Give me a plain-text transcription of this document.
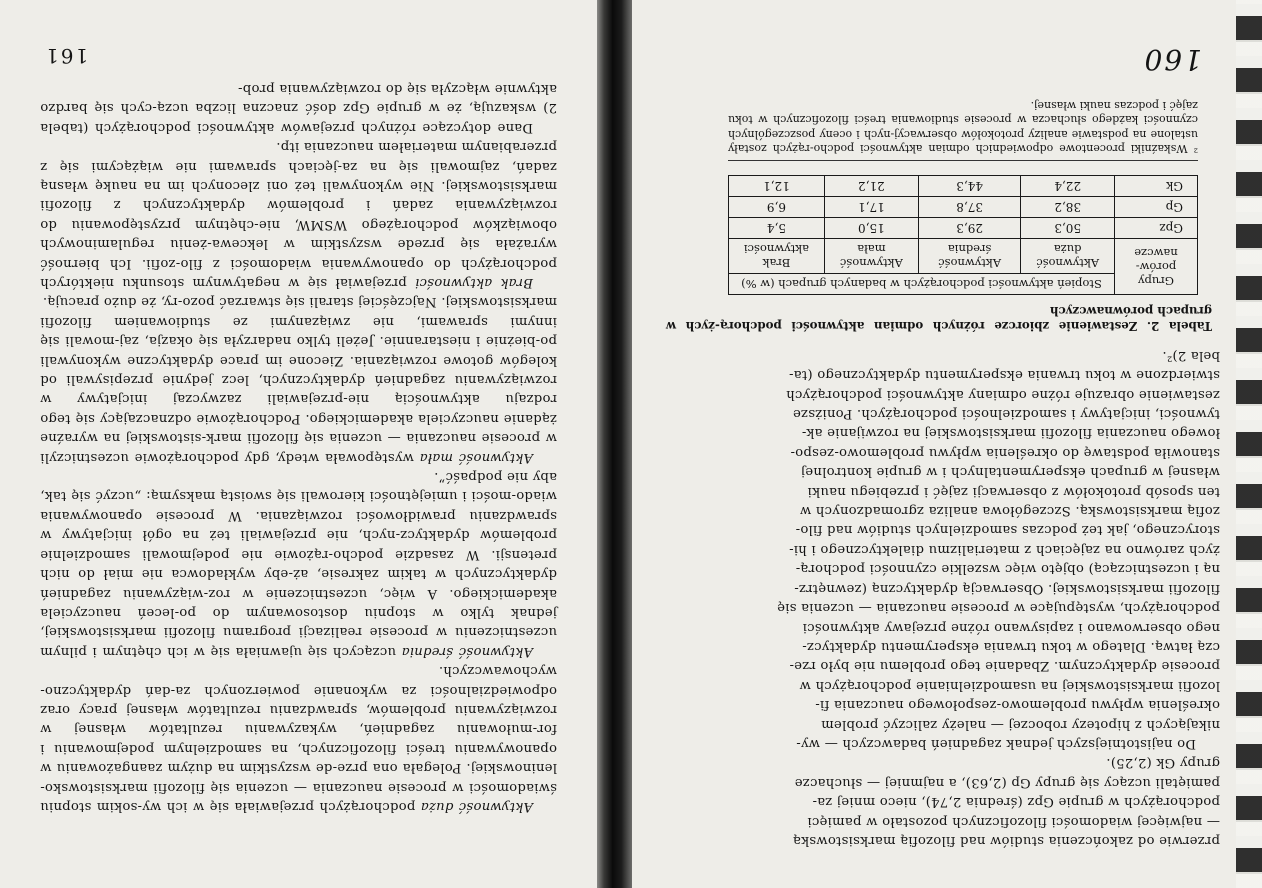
przerwie od zakończenia studiów nad filozofią marksistowską
— najwięcej wiadomości filozoficznych pozostało w pamięci
podchorążych w grupie Gpz (średnia 2,74), nieco mniej za-
pamiętali uczący się grupy Gp (2,63), a najmniej — słuchacze
grupy Gk (2,25).

Do najistotniejszych jednak zagadnień badawczych — wy-
nikających z hipotezy roboczej — należy zaliczyć problem
określenia wpływu problemowo-zespołowego nauczania fi-
lozofii marksistowskiej na usamodzielnianie podchorążych w
procesie dydaktycznym. Zbadanie tego problemu nie było rze-
czą łatwą. Dlatego w toku trwania eksperymentu dydaktycz-
nego obserwowano i zapisywano różne przejawy aktywności
podchorążych, występujące w procesie nauczania — uczenia się
filozofii marksistowskiej. Obserwacją dydaktyczną (zewnętrz-
ną i uczestniczącą) objęto więc wszelkie czynności podchorą-
żych zarówno na zajęciach z materializmu dialektycznego i hi-
storycznego, jak też podczas samodzielnych studiów nad filo-
zofią marksistowską. Szczegółowa analiza zgromadzonych w
ten sposób protokołów z obserwacji zajęć i przebiegu nauki
własnej w grupach eksperymentalnych i w grupie kontrolnej
stanowiła podstawę do określenia wpływu problemowo-zespo-
łowego nauczania filozofii marksistowskiej na rozwijanie ak-
tywności, inicjatywy i samodzielności podchorążych. Poniższe
zestawienie obrazuje różne odmiany aktywności podchorążych
stwierdzone w toku trwania eksperymentu dydaktycznego (ta-
bela 2)².

Tabela 2. Zestawienie zbiorcze różnych odmian aktywności podchorą-żych w grupach porównawczych

Grupy porów-nawcze	Stopień aktywności podchorążych w badanych grupach (w %)			
	Aktywność duża	Aktywność średnia	Aktywność mała	Brak aktywności
Gpz	50,3	29,3	15,0	5,4
Gp	38,2	37,8	17,1	6,9
Gk	22,4	44,3	21,2	12,1

² Wskaźniki procentowe odpowiednich odmian aktywności podcho-rążych zostały ustalone na podstawie analizy protokołów obserwacyj-nych i oceny poszczególnych czynności każdego słuchacza w procesie studiowania treści filozoficznych w toku zajęć i podczas nauki własnej.

160

Aktywność duża podchorążych przejawiała się w ich wy-sokim stopniu świadomości w procesie nauczania — uczenia się filozofii marksistowsko-leninowskiej. Polegała ona prze-de wszystkim na dużym zaangażowaniu w opanowywaniu treści filozoficznych, na samodzielnym podejmowaniu i for-mułowaniu zagadnień, wykazywaniu rezultatów własnej w rozwiązywaniu problemów, sprawdzaniu rezultatów własnej pracy oraz odpowiedzialności za wykonanie powierzonych za-dań dydaktyczno-wychowawczych.

Aktywność średnia uczących się ujawniała się w ich chętnym i pilnym uczestniczeniu w procesie realizacji programu filozofii marksistowskiej, jednak tylko w stopniu dostosowanym do po-leceń nauczyciela akademickiego. A więc, uczestniczenie w roz-wiązywaniu zagadnień dydaktycznych w takim zakresie, aż-eby wykładowca nie miał do nich pretensji. W zasadzie podcho-rążowie nie podejmowali samodzielnie problemów dydaktycz-nych, nie przejawiali też na ogół inicjatywy w sprawdzaniu prawidłowości rozwiązania. W procesie opanowywania wiado-mości i umiejętności kierowali się swoistą maksymą: „uczyć się tak, aby nie podpaść”.

Aktywność mała występowała wtedy, gdy podchorążowie uczestniczyli w procesie nauczania — uczenia się filozofii mark-sistowskiej na wyraźne żądanie nauczyciela akademickiego. Podchorążowie odznaczający się tego rodzaju aktywnością nie-przejawiali zazwyczaj inicjatywy w rozwiązywaniu zagadnień dydaktycznych, lecz jedynie przepisywali od kolegów gotowe rozwiązania. Ziecone im prace dydaktyczne wykonywali po-bieżnie i niestarannie. Jeżeli tylko nadarzyła się okazja, zaj-mowali się innymi sprawami, nie związanymi ze studiowaniem filozofii marksistowskiej. Najczęściej starali się stwarzać pozo-ry, że dużo pracują.

Brak aktywności przejawiał się w negatywnym stosunku niektórych podchorążych do opanowywania wiadomości z filo-zofii. Ich bierność wyrażała się przede wszystkim w lekcewa-żeniu regulaminowych obowiązków podchorążego WSMW, nie-chętnym przystępowaniu do rozwiązywania zadań i problemów dydaktycznych z filozofii marksistowskiej. Nie wykonywali też oni zleconych im na naukę własną zadań, zajmowali się na za-jęciach sprawami nie wiążącymi się z przerabianym materiałem nauczania itp.

Dane dotyczące różnych przejawów aktywności podchorążych (tabela 2) wskazują, że w grupie Gpz dość znaczna liczba uczą-cych się bardzo aktywnie włączyła się do rozwiązywania prob-

161
